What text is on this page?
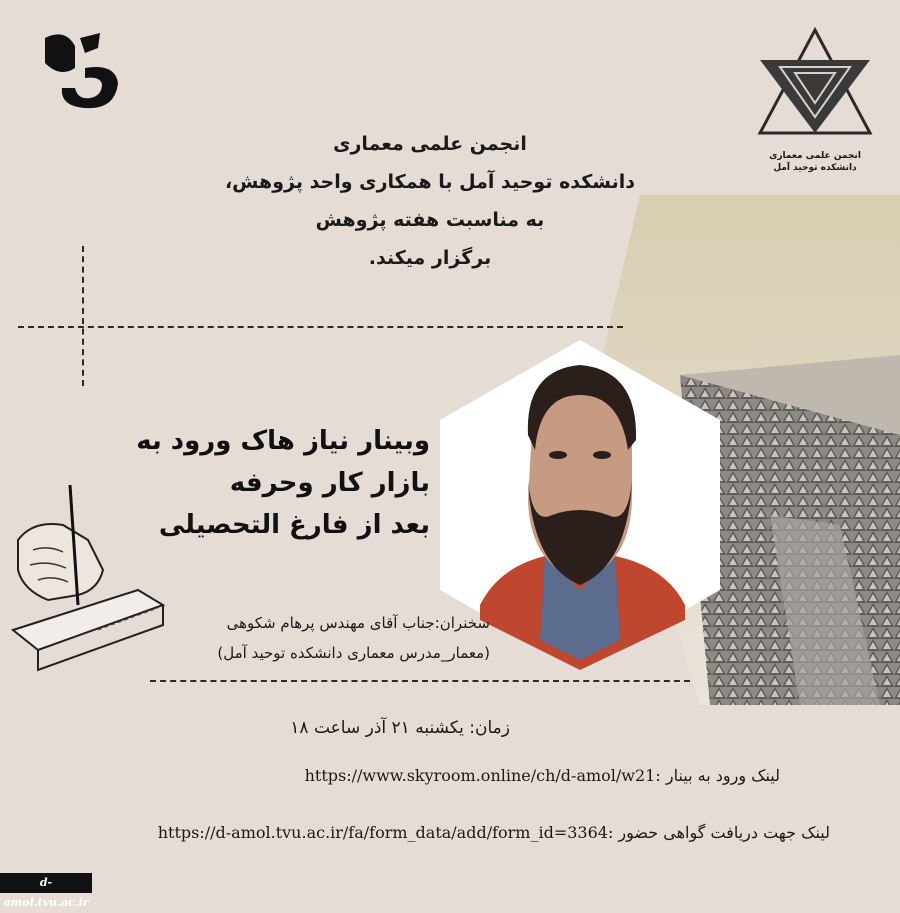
انجمن علمی معماری
دانشکده توحید آمل
انجمن علمی معماری
دانشکده توحید آمل با همکاری واحد پژوهش،
به مناسبت هفته پژوهش
برگزار میکند.
وبینار نیاز هاک ورود به
بازار کار وحرفه
بعد از فارغ التحصیلی
سخنران:جناب آقای مهندس پرهام شکوهی
(معمار_مدرس معماری دانشکده توحید آمل)
زمان: یکشنبه ۲۱ آذر ساعت ۱۸
لینک ورود به بینار :https://www.skyroom.online/ch/d-amol/w21
لینک جهت دریافت گواهی حضور :https://d-amol.tvu.ac.ir/fa/form_data/add/form_id=3364
d-amol.tvu.ac.ir
